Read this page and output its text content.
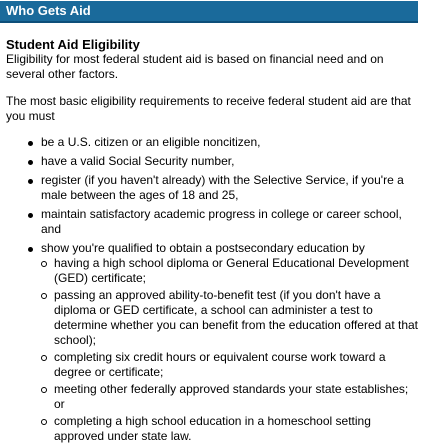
Who Gets Aid
Student Aid Eligibility

Eligibility for most federal student aid is based on financial need and on several other factors.

The most basic eligibility requirements to receive federal student aid are that you must

be a U.S. citizen or an eligible noncitizen,
have a valid Social Security number,
register (if you haven't already) with the Selective Service, if you're a male between the ages of 18 and 25,
maintain satisfactory academic progress in college or career school, and
show you're qualified to obtain a postsecondary education by
having a high school diploma or General Educational Development (GED) certificate;
passing an approved ability-to-benefit test (if you don't have a diploma or GED certificate, a school can administer a test to determine whether you can benefit from the education offered at that school);
completing six credit hours or equivalent course work toward a degree or certificate;
meeting other federally approved standards your state establishes; or
completing a high school education in a homeschool setting approved under state law.
